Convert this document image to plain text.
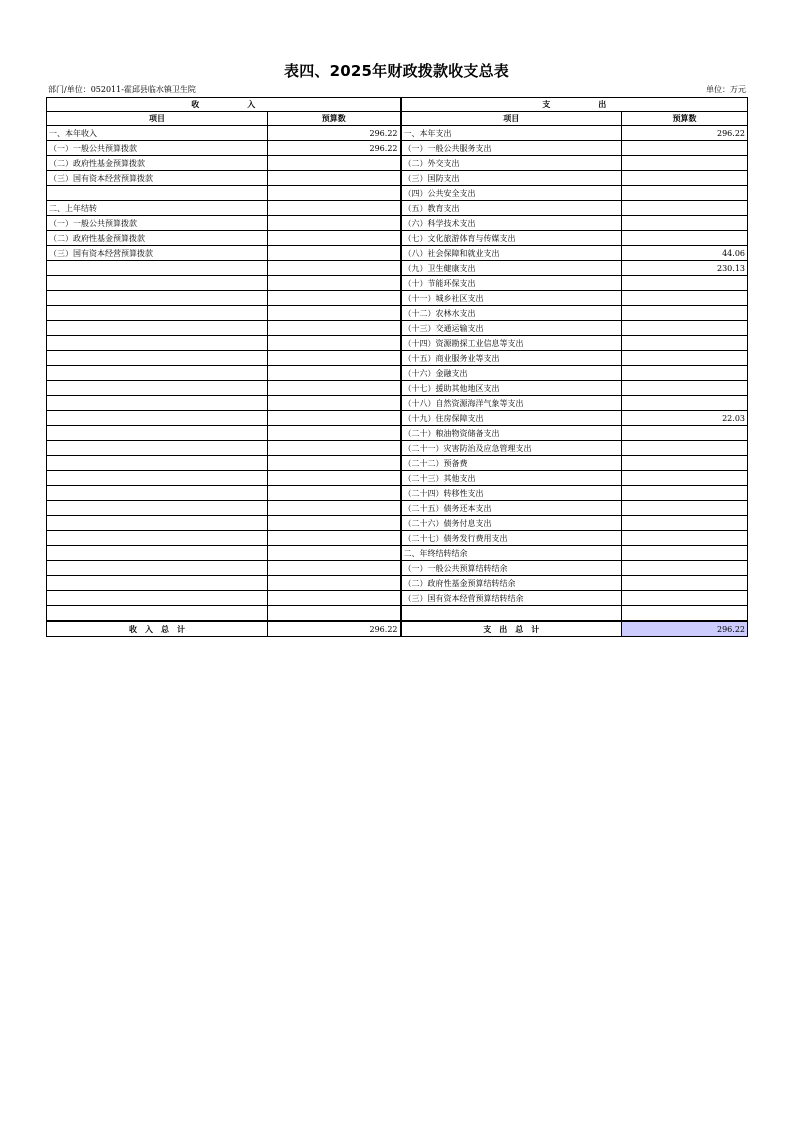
表四、2025年财政拨款收支总表
部门/单位：052011-霍邱县临水镇卫生院	单位：万元
收　　　　　　入		支　　　　　　出	
项目	预算数	项目	预算数
一、本年收入	296.22	一、本年支出	296.22
（一）一般公共预算拨款	296.22	（一）一般公共服务支出	
（二）政府性基金预算拨款		（二）外交支出	
（三）国有资本经营预算拨款		（三）国防支出	
		（四）公共安全支出	
二、上年结转		（五）教育支出	
（一）一般公共预算拨款		（六）科学技术支出	
（二）政府性基金预算拨款		（七）文化旅游体育与传媒支出	
（三）国有资本经营预算拨款		（八）社会保障和就业支出	44.06
		（九）卫生健康支出	230.13
		（十）节能环保支出	
		（十一）城乡社区支出	
		（十二）农林水支出	
		（十三）交通运输支出	
		（十四）资源勘探工业信息等支出	
		（十五）商业服务业等支出	
		（十六）金融支出	
		（十七）援助其他地区支出	
		（十八）自然资源海洋气象等支出	
		（十九）住房保障支出	22.03
		（二十）粮油物资储备支出	
		（二十一）灾害防治及应急管理支出	
		（二十二）预备费	
		（二十三）其他支出	
		（二十四）转移性支出	
		（二十五）债务还本支出	
		（二十六）债务付息支出	
		（二十七）债务发行费用支出	
		二、年终结转结余	
		（一）一般公共预算结转结余	
		（二）政府性基金预算结转结余	
		（三）国有资本经营预算结转结余	

收　入　总　计	296.22	支　出　总　计	296.22
